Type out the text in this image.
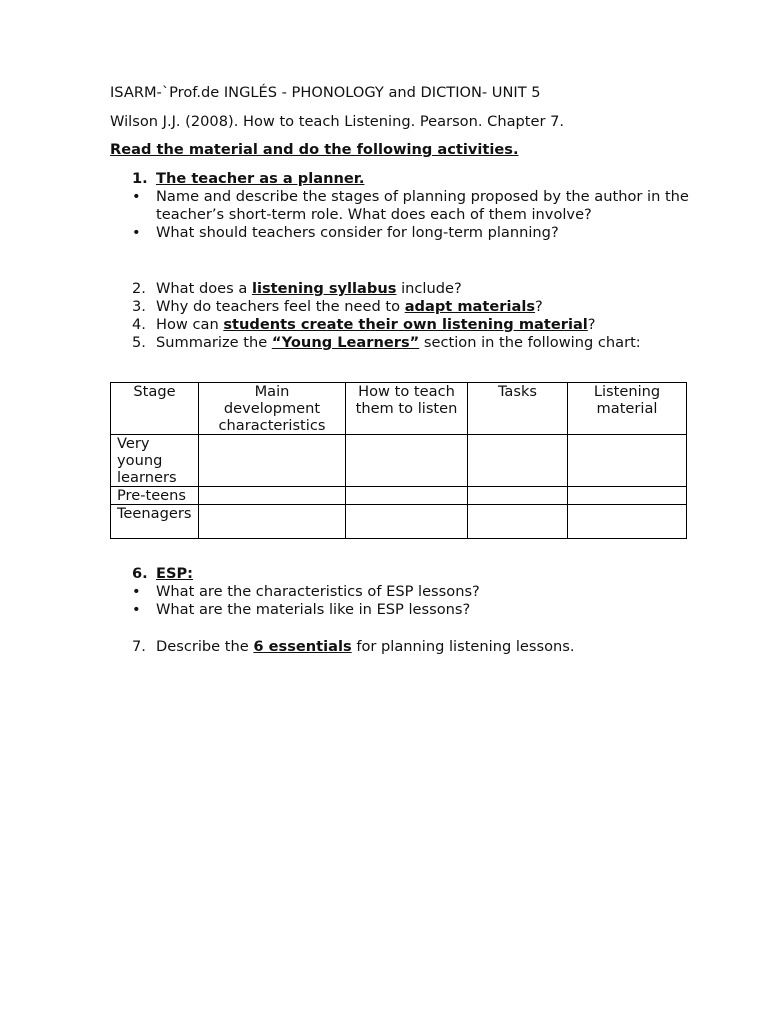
ISARM-`Prof.de INGLÉS - PHONOLOGY and DICTION- UNIT 5

Wilson J.J. (2008). How to teach Listening. Pearson. Chapter 7.

Read the material and do the following activities.

1. The teacher as a planner.
•	Name and describe the stages of planning proposed by the author in the teacher’s short-term role. What does each of them involve?
•	What should teachers consider for long-term planning?
2. What does a listening syllabus include?
3. Why do teachers feel the need to adapt materials?
4. How can students create their own listening material?
5. Summarize the “Young Learners” section in the following chart:
Stage	Main development characteristics	How to teach them to listen	Tasks	Listening material
Very young learners				
Pre-teens				
Teenagers				
6. ESP:
•	What are the characteristics of ESP lessons?
•	What are the materials like in ESP lessons?
7. Describe the 6 essentials for planning listening lessons.
